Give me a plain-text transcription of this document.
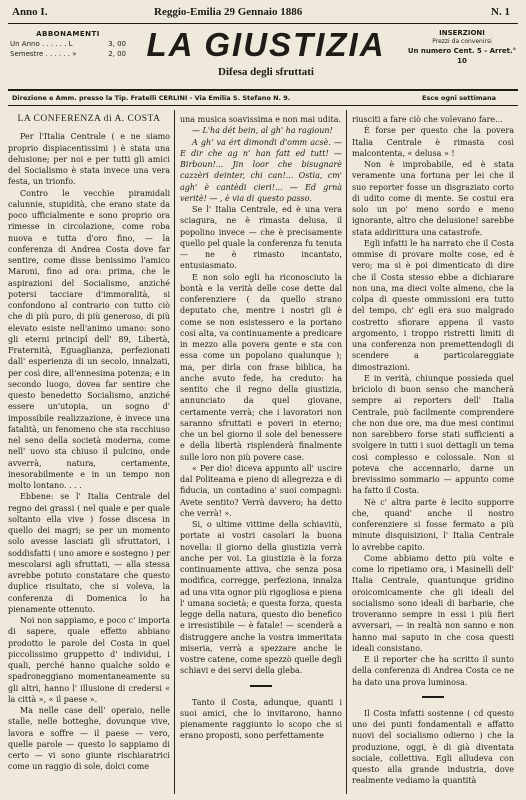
Anno I.	Reggio-Emilia 29 Gennaio 1886	N. 1
ABBONAMENTI
Un Anno . . . . . . L	3, 00
Semestre . . . . . . »	2, 00 LA GIUSTIZIA
Difesa degli sfruttati
INSERZIONI
Prezzi da convenirsi
Un numero Cent. 5 - Arret.° 10
Direzione e Amm. presso la Tip. Fratelli CERLINI - Via Emilia S. Stefano N. 9.	Esce ogni settimana
LA CONFERENZA di A. COSTA

Per l'Italia Centrale ( e ne siamo proprio dispiacentissimi ) è stata una delusione; per noi e per tutti gli amici del Socialismo è stata invece una vera festa, un trionfo.

Contro le vecchie piramidali calunnie, stupidità, che erano state da poco ufficialmente e sono proprio ora rimesse in circolazione, come roba nuova e tutta d'oro fino, — la conferenza di Andrea Costa dove far sentire, come disse benissimo l'amico Maroni, fino ad ora: prima, che le aspirazioni del Socialismo, anziché potersi tacciare d'immoralità, si confondono al contrario con tutto ciò che di più puro, di più generoso, di più elevato esiste nell'animo umano: sono gli eterni principî dell' 89, Libertà, Fraternità, Eguaglianza, perfezionati dall' esperienza di un secolo, innalzati, per così dire, all'ennesima potenza; e in secondo luogo, dovea far sentire che questo benedetto Socialismo, anziché essere un'utopia, un sogno d' impossibile realizzazione, è invece una fatalità, un fenomeno che sta racchiuso nel seno della società moderna, come nell' uovo sta chiuso il pulcino, onde avverrà, natura, certamente, inesorabilmente e in un tempo non molto lontano. . . .

Ebbene: se l' Italia Centrale del regno dei grassi ( nel quale e per quale soltanto ella vive ) fosse discesa in quello dei magri; se per un momento solo avesse lasciati gli sfruttatori, i soddisfatti ( uno amore e sostegno ) per mescolarsi agli sfruttati, — alla stessa avrebbe potuto constatare che questo duplice risultato, che si voleva, la conferenza di Domenica lo ha pienamente ottenuto.

Noi non sappiamo, e poco c' importa di sapere, quale effetto abbiano prodotto le parole del Costa in quel piccolissimo gruppetto d' individui, i quali, perché hanno qualche soldo e spadroneggiano momentaneamente su gli altri, hanno l' illusione di credersi « la città », « il paese ».

Ma nelle case dell' operaio, nelle stalle, nelle botteghe, dovunque vive, lavora e soffre — il paese — vero, quelle parole — questo lo sappiamo di certo — vi sono giunte rischiaratrici come un raggio di sole, dolci come

una musica soavissima e non mai udita.

— L'ha dét bein, al gh' ha ragioun!

A gh' va ért dimondi d'omm acsè. — E dir che ag n' han fatt ed tutt! — Birboun!... Jin loor che bisugnarè cazzèri deinter, chi can!... Ostia, cm' agh' è cantèdi cieri!... — Ed grnà veritè! — , è via di questo passo.

Se l' Italia Centrale, ed è una vera sciagura, ne è rimasta delusa, il popolino invece — che è precisamente quello pel quale la conferenza fu tenuta — ne è rimasto incantato, entusiasmato.

E non solo egli ha riconosciuto la bontà e la verità delle cose dette dal conferenziere ( da quello strano deputato che, mentre i nostri gli è come se non esistessero e la portano così alta, va continuamente a predicare in mezzo alla povera gente e sta con essa come un popolano qualunque ); ma, per dirla con frase biblica, ha anche avuto fede, ha creduto: ha sentito che il regno della giustizia, annunciato da quel giovane, certamente verrà; che i lavoratori non saranno sfruttati e poveri in eterno; che un bel giorno il sole del benessere e della libertà risplenderà finalmente sulle loro non più povere case.

« Per dio! diceva appunto all' uscire dal Politeama e pieno di allegrezza e di fiducia, un contadino a' suoi compagni: Avete sentito? Verrà davvero; ha detto che verrà! ».

Si, o ultime vittime della schiavitù, portate ai vostri casolari la buona novella: il giorno della giustizia verrà anche per voi. La giustizia è la forza continuamente attiva, che senza posa modifica, corregge, perfeziona, innalza ad una vita ognor più rigogliosa e piena l' umana società; e questa forza, questa legge della natura, questo dio benefico e irresistibile — è fatale! — scenderà a distruggere anche la vostra immeritata miseria, verrà a spezzare anche le vostre catene, come spezzò quelle degli schiavi e dei servi della gleba.

Tanto il Costa, adunque, quanti i suoi amici, che lo invitarono, hanno pienamente raggiunto lo scopo che si erano proposti, sono perfettamente

riusciti a fare ciò che volevano fare...

È forse per questo che la povera Italia Centrale è rimasta così malcontenta, « delusa » !

Non è improbabile, ed è stata veramente una fortuna per lei che il suo reporter fosse un disgraziato corto di udito come di mente. Se costui era solo un po' meno sordo e meno ignorante, altro che delusione! sarebbe stata addirittura una catastrofe.

Egli infatti le ha narrato che il Costa ommise di provare molte cose, ed è vero; ma si è poi dimenticato di dire che il Costa stesso ebbe a dichiarare non una, ma dieci volte almeno, che la colpa di queste ommissioni era tutto del tempo, ch' egli era suo malgrado costretto sfiorare appena il vasto argomento, i troppo ristretti limiti di una conferenza non premettendogli di scendere a particolareggiate dimostrazioni.

E in verità, chiunque possieda quel briciolo di buon senso che mancherà sempre ai reporters dell' Italia Centrale, può facilmente comprendere che non due ore, ma due mesi continui non sarebbero forse stati sufficienti a svolgere in tutti i suoi dettagli un tema così complesso e colossale. Non si poteva che accennarlo, darne un brevissimo sommario — appunto come ha fatto il Costa.

Nè c' altra parte è lecito supporre che, quand' anche il nostro conferenziere si fosse fermato a più minute disquisizioni, l' Italia Centrale lo avrebbe capito.

Come abbiamo detto più volte e come lo ripetiamo ora, i Masinelli dell' Italia Centrale, quantunque gridino oroicomicamente che gli ideali del socialismo sono ideali di barbarie, che troveranno sempre in essi i più fieri avversari, — in realtà non sanno e non hanno mai saputo in che cosa questi ideali consistano.

E il reporter che ha scritto il sunto della conferenza di Andrea Costa ce ne ha dato una prova luminosa.

Il Costa infatti sostenne ( cd questo uno dei punti fondamentali e affatto nuovi del socialismo odierno ) che la produzione, oggi, è di già diventata sociale, collettiva. Egli alludeva con questo alla grande industria, dove realmente vediamo la quantità
